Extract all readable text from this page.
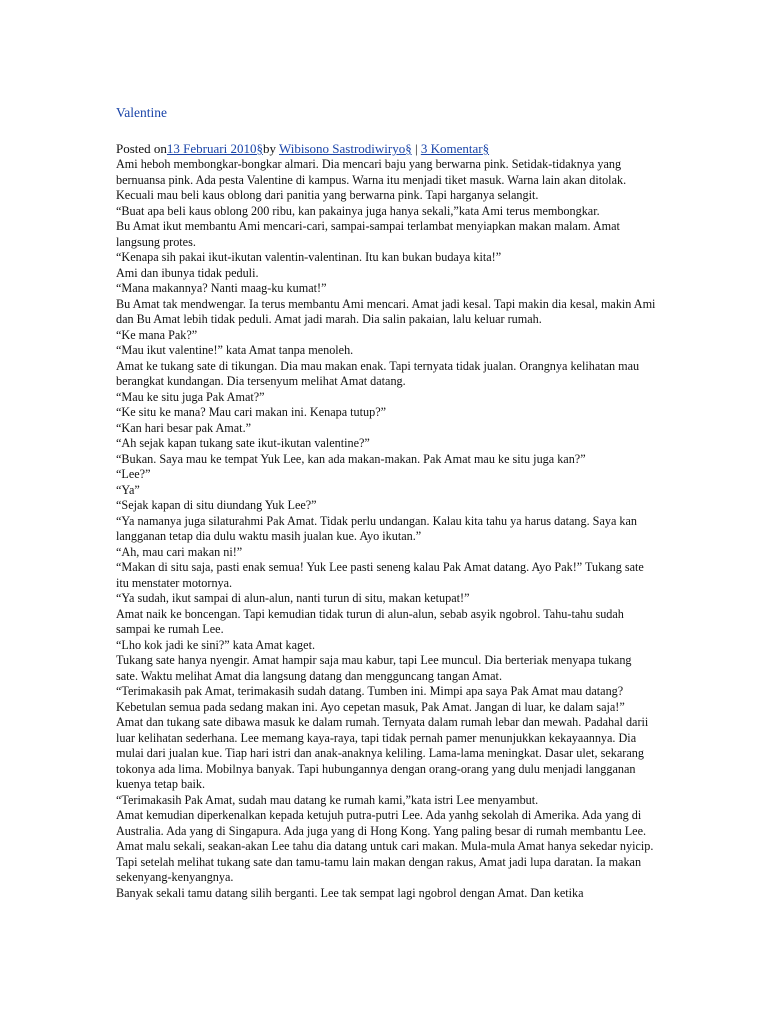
Valentine
Posted on13 Februari 2010§by Wibisono Sastrodiwiryo§ | 3 Komentar§

Ami heboh membongkar-bongkar almari. Dia mencari baju yang berwarna pink. Setidak-tidaknya yang bernuansa pink. Ada pesta Valentine di kampus. Warna itu menjadi tiket masuk. Warna lain akan ditolak. Kecuali mau beli kaus oblong dari panitia yang berwarna pink. Tapi harganya selangit.

“Buat apa beli kaus oblong 200 ribu, kan pakainya juga hanya sekali,”kata Ami terus membongkar.

Bu Amat ikut membantu Ami mencari-cari, sampai-sampai terlambat menyiapkan makan malam. Amat langsung protes.

“Kenapa sih pakai ikut-ikutan valentin-valentinan. Itu kan bukan budaya kita!”

Ami dan ibunya tidak peduli.

“Mana makannya? Nanti maag-ku kumat!”

Bu Amat tak mendwengar. Ia terus membantu Ami mencari. Amat jadi kesal. Tapi makin dia kesal, makin Ami dan Bu Amat lebih tidak peduli. Amat jadi marah. Dia salin pakaian, lalu keluar rumah.

“Ke mana Pak?”

“Mau ikut valentine!” kata Amat tanpa menoleh.

Amat ke tukang sate di tikungan. Dia mau makan enak. Tapi ternyata tidak jualan. Orangnya kelihatan mau berangkat kundangan. Dia tersenyum melihat Amat datang.

“Mau ke situ juga Pak Amat?”

“Ke situ ke mana? Mau cari makan ini. Kenapa tutup?”

“Kan hari besar pak Amat.”

“Ah sejak kapan tukang sate ikut-ikutan valentine?”

“Bukan. Saya mau ke tempat Yuk Lee, kan ada makan-makan. Pak Amat mau ke situ juga kan?”

“Lee?”

“Ya”

“Sejak kapan di situ diundang Yuk Lee?”

“Ya namanya juga silaturahmi Pak Amat. Tidak perlu undangan. Kalau kita tahu ya harus datang. Saya kan langganan tetap dia dulu waktu masih jualan kue. Ayo ikutan.”

“Ah, mau cari makan ni!”

“Makan di situ saja, pasti enak semua! Yuk Lee pasti seneng kalau Pak Amat datang. Ayo Pak!” Tukang sate itu menstater motornya.

“Ya sudah, ikut sampai di alun-alun, nanti turun di situ, makan ketupat!”

Amat naik ke boncengan. Tapi kemudian tidak turun di alun-alun, sebab asyik ngobrol. Tahu-tahu sudah sampai ke rumah Lee.

“Lho kok jadi ke sini?” kata Amat kaget.

Tukang sate hanya nyengir. Amat hampir saja mau kabur, tapi Lee muncul. Dia berteriak menyapa tukang sate. Waktu melihat Amat dia langsung datang dan mengguncang tangan Amat.

“Terimakasih pak Amat, terimakasih sudah datang. Tumben ini. Mimpi apa saya Pak Amat mau datang? Kebetulan semua pada sedang makan ini. Ayo cepetan masuk, Pak Amat. Jangan di luar, ke dalam saja!”

Amat dan tukang sate dibawa masuk ke dalam rumah. Ternyata dalam rumah lebar dan mewah. Padahal darii luar kelihatan sederhana. Lee memang kaya-raya, tapi tidak pernah pamer menunjukkan kekayaannya. Dia mulai dari jualan kue. Tiap hari istri dan anak-anaknya keliling. Lama-lama meningkat. Dasar ulet, sekarang tokonya ada lima. Mobilnya banyak. Tapi hubungannya dengan orang-orang yang dulu menjadi langganan kuenya tetap baik.

“Terimakasih Pak Amat, sudah mau datang ke rumah kami,”kata istri Lee menyambut.

Amat kemudian diperkenalkan kepada ketujuh putra-putri Lee. Ada yanhg sekolah di Amerika. Ada yang di Australia. Ada yang di Singapura. Ada juga yang di Hong Kong. Yang paling besar di rumah membantu Lee.

Amat malu sekali, seakan-akan Lee tahu dia datang untuk cari makan. Mula-mula Amat hanya sekedar nyicip. Tapi setelah melihat tukang sate dan tamu-tamu lain makan dengan rakus, Amat jadi lupa daratan. Ia makan sekenyang-kenyangnya.

Banyak sekali tamu datang silih berganti. Lee tak sempat lagi ngobrol dengan Amat. Dan ketika
